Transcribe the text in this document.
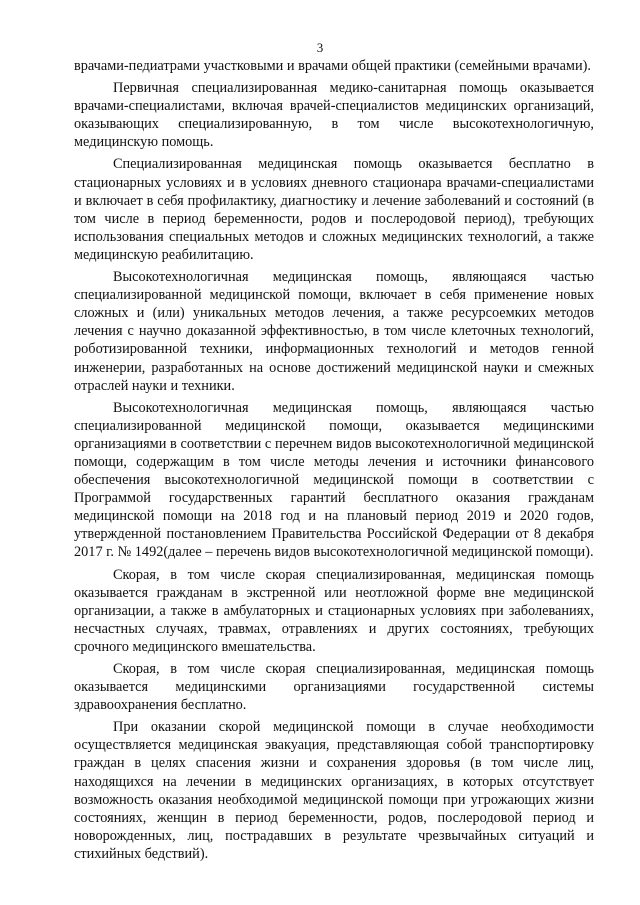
3

врачами-педиатрами участковыми и врачами общей практики (семейными врачами).

Первичная специализированная медико-санитарная помощь оказывается врачами-специалистами, включая врачей-специалистов медицинских организаций, оказывающих специализированную, в том числе высокотехнологичную, медицинскую помощь.

Специализированная медицинская помощь оказывается бесплатно в стационарных условиях и в условиях дневного стационара врачами-специалистами и включает в себя профилактику, диагностику и лечение заболеваний и состояний (в том числе в период беременности, родов и послеродовой период), требующих использования специальных методов и сложных медицинских технологий, а также медицинскую реабилитацию.

Высокотехнологичная медицинская помощь, являющаяся частью специализированной медицинской помощи, включает в себя применение новых сложных и (или) уникальных методов лечения, а также ресурсоемких методов лечения с научно доказанной эффективностью, в том числе клеточных технологий, роботизированной техники, информационных технологий и методов генной инженерии, разработанных на основе достижений медицинской науки и смежных отраслей науки и техники.

Высокотехнологичная медицинская помощь, являющаяся частью специализированной медицинской помощи, оказывается медицинскими организациями в соответствии с перечнем видов высокотехнологичной медицинской помощи, содержащим в том числе методы лечения и источники финансового обеспечения высокотехнологичной медицинской помощи в соответствии с Программой государственных гарантий бесплатного оказания гражданам медицинской помощи на 2018 год и на плановый период 2019 и 2020 годов, утвержденной постановлением Правительства Российской Федерации от 8 декабря 2017 г. № 1492(далее – перечень видов высокотехнологичной медицинской помощи).

Скорая, в том числе скорая специализированная, медицинская помощь оказывается гражданам в экстренной или неотложной форме вне медицинской организации, а также в амбулаторных и стационарных условиях при заболеваниях, несчастных случаях, травмах, отравлениях и других состояниях, требующих срочного медицинского вмешательства.

Скорая, в том числе скорая специализированная, медицинская помощь оказывается медицинскими организациями государственной системы здравоохранения бесплатно.

При оказании скорой медицинской помощи в случае необходимости осуществляется медицинская эвакуация, представляющая собой транспортировку граждан в целях спасения жизни и сохранения здоровья (в том числе лиц, находящихся на лечении в медицинских организациях, в которых отсутствует возможность оказания необходимой медицинской помощи при угрожающих жизни состояниях, женщин в период беременности, родов, послеродовой период и новорожденных, лиц, пострадавших в результате чрезвычайных ситуаций и стихийных бедствий).
